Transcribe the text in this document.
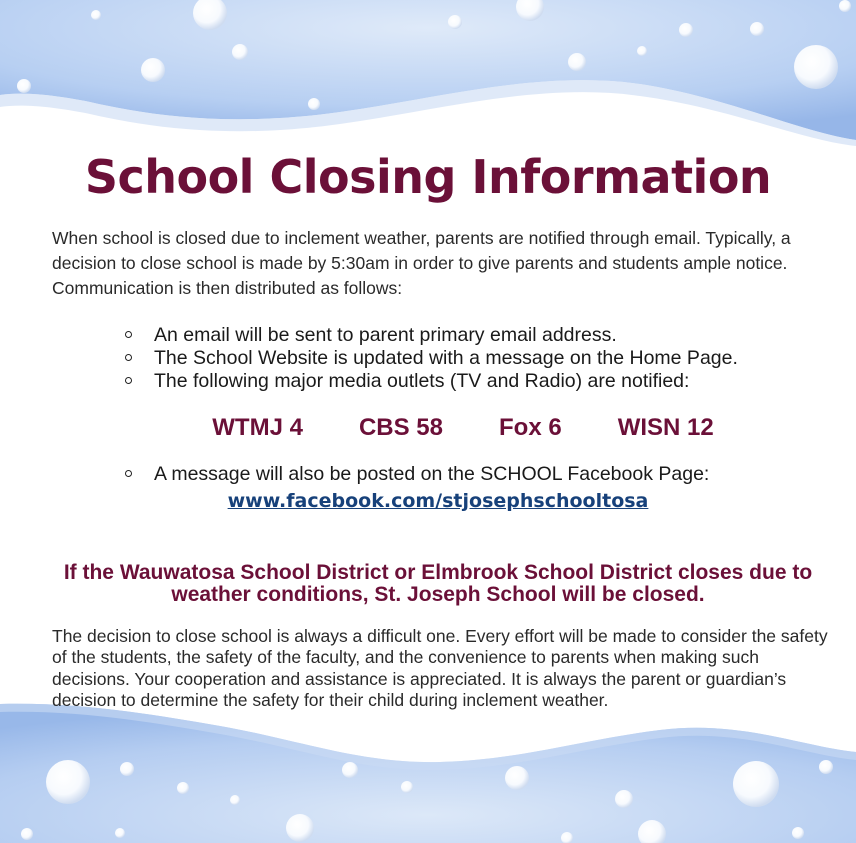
School Closing Information

When school is closed due to inclement weather, parents are notified through email. Typically, a decision to close school is made by 5:30am in order to give parents and students ample notice. Communication is then distributed as follows:

An email will be sent to parent primary email address.
The School Website is updated with a message on the Home Page.
The following major media outlets (TV and Radio) are notified:
WTMJ 4 CBS 58 Fox 6 WISN 12
A message will also be posted on the SCHOOL Facebook Page:
www.facebook.com/stjosephschooltosa

If the Wauwatosa School District or Elmbrook School District closes due to weather conditions, St. Joseph School will be closed.

The decision to close school is always a difficult one. Every effort will be made to consider the safety of the students, the safety of the faculty, and the convenience to parents when making such decisions. Your cooperation and assistance is appreciated. It is always the parent or guardian’s decision to determine the safety for their child during inclement weather.
